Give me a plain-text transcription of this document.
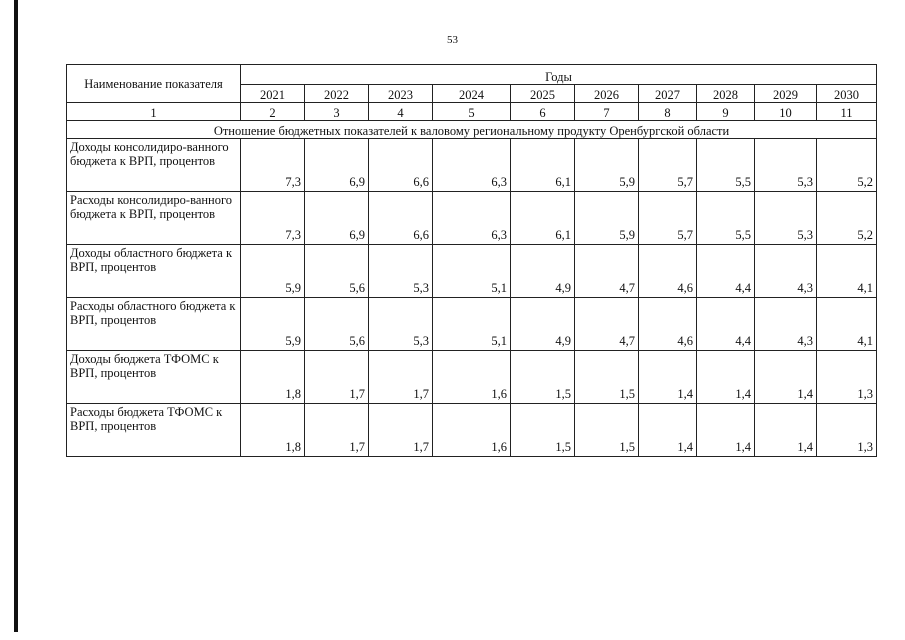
53
Наименование показателя	Годы									
	2021	2022	2023	2024	2025	2026	2027	2028	2029	2030
1	2	3	4	5	6	7	8	9	10	11
Отношение бюджетных показателей к валовому региональному продукту Оренбургской области										
Доходы консолидиро-ванного бюджета к ВРП, процентов	7,3	6,9	6,6	6,3	6,1	5,9	5,7	5,5	5,3	5,2
Расходы консолидиро-ванного бюджета к ВРП, процентов	7,3	6,9	6,6	6,3	6,1	5,9	5,7	5,5	5,3	5,2
Доходы областного бюджета к ВРП, процентов	5,9	5,6	5,3	5,1	4,9	4,7	4,6	4,4	4,3	4,1
Расходы областного бюджета к ВРП, процентов	5,9	5,6	5,3	5,1	4,9	4,7	4,6	4,4	4,3	4,1
Доходы бюджета ТФОМС к ВРП, процентов	1,8	1,7	1,7	1,6	1,5	1,5	1,4	1,4	1,4	1,3
Расходы бюджета ТФОМС к ВРП, процентов	1,8	1,7	1,7	1,6	1,5	1,5	1,4	1,4	1,4	1,3
